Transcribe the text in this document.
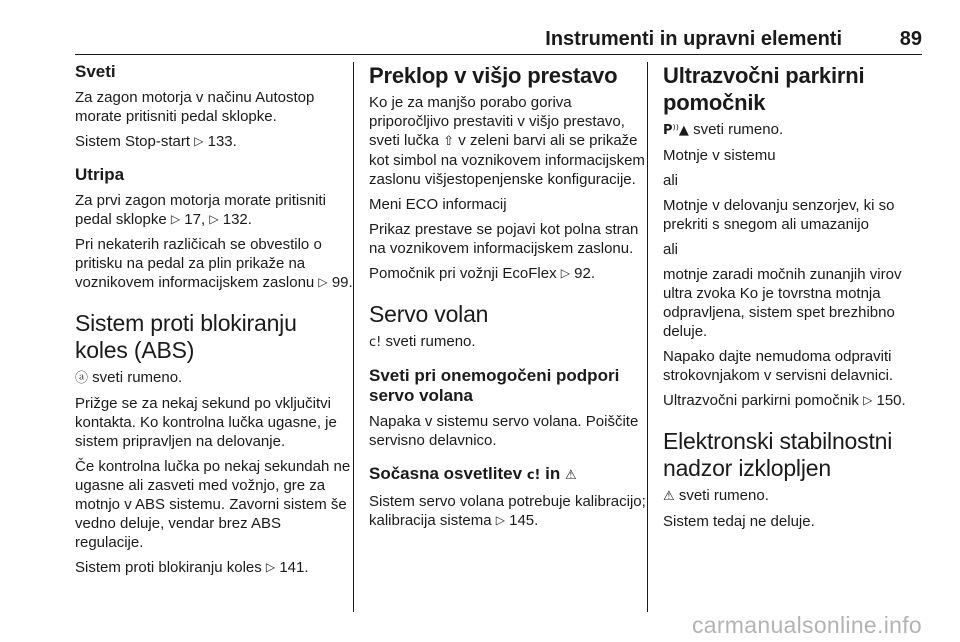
Instrumenti in upravni elementi	89
Sveti

Za zagon motorja v načinu Autostop morate pritisniti pedal sklopke.

Sistem Stop-start ▷ 133.

Utripa

Za prvi zagon motorja morate pritisniti pedal sklopke ▷ 17, ▷ 132.

Pri nekaterih različicah se obvestilo o pritisku na pedal za plin prikaže na voznikovem informacijskem zaslonu ▷ 99.

Sistem proti blokiranju koles (ABS)

ⓐ sveti rumeno.

Prižge se za nekaj sekund po vključitvi kontakta. Ko kontrolna lučka ugasne, je sistem pripravljen na delovanje.

Če kontrolna lučka po nekaj sekundah ne ugasne ali zasveti med vožnjo, gre za motnjo v ABS sistemu. Zavorni sistem še vedno deluje, vendar brez ABS regulacije.

Sistem proti blokiranju koles ▷ 141.

Preklop v višjo prestavo

Ko je za manjšo porabo goriva priporočljivo prestaviti v višjo prestavo, sveti lučka ⇧ v zeleni barvi ali se prikaže kot simbol na voznikovem informacijskem zaslonu višjestopenjenske konfiguracije.

Meni ECO informacij

Prikaz prestave se pojavi kot polna stran na voznikovem informacijskem zaslonu.

Pomočnik pri vožnji EcoFlex ▷ 92.

Servo volan

c! sveti rumeno.

Sveti pri onemogočeni podpori servo volana

Napaka v sistemu servo volana. Poiščite servisno delavnico.

Sočasna osvetlitev c! in ⚠

Sistem servo volana potrebuje kalibracijo; kalibracija sistema ▷ 145.

Ultrazvočni parkirni pomočnik

P⁾⁾▲ sveti rumeno.

Motnje v sistemu

ali

Motnje v delovanju senzorjev, ki so prekriti s snegom ali umazanijo

ali

motnje zaradi močnih zunanjih virov ultra zvoka Ko je tovrstna motnja odpravljena, sistem spet brezhibno deluje.

Napako dajte nemudoma odpraviti strokovnjakom v servisni delavnici.

Ultrazvočni parkirni pomočnik ▷ 150.

Elektronski stabilnostni nadzor izklopljen

⚠ sveti rumeno.

Sistem tedaj ne deluje.

carmanualsonline.info
